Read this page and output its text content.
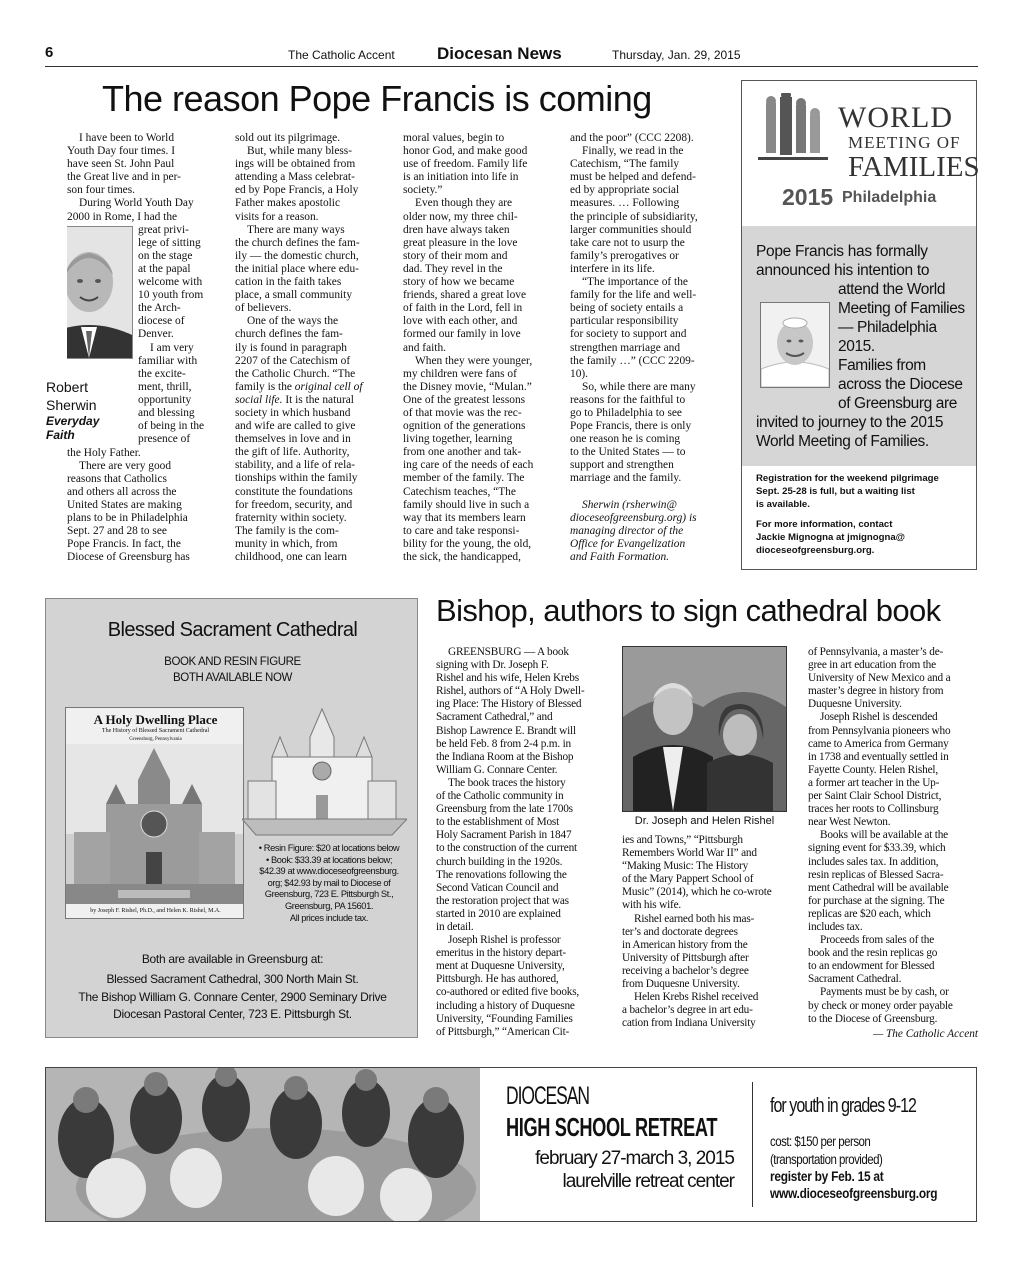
6	The Catholic Accent Diocesan News	Thursday, Jan. 29, 2015
The reason Pope Francis is coming
I have been to World
Youth Day four times. I
have seen St. John Paul
the Great live and in per-
son four times.
During World Youth Day
2000 in Rome, I had the
great privi-
lege of sitting
on the stage
at the papal
welcome with
10 youth from
the Arch-
diocese of
Denver.
I am very
familiar with
the excite-
ment, thrill,
opportunity
and blessing
of being in the
presence of
the Holy Father.
There are very good
reasons that Catholics
and others all across the
United States are making
plans to be in Philadelphia
Sept. 27 and 28 to see
Pope Francis. In fact, the
Diocese of Greensburg has
Robert
Sherwin
Everyday
Faith
sold out its pilgrimage.
But, while many bless-
ings will be obtained from
attending a Mass celebrat-
ed by Pope Francis, a Holy
Father makes apostolic
visits for a reason.
There are many ways
the church defines the fam-
ily — the domestic church,
the initial place where edu-
cation in the faith takes
place, a small community
of believers.
One of the ways the
church defines the fam-
ily is found in paragraph
2207 of the Catechism of
the Catholic Church. “The
family is the original cell of
social life. It is the natural
society in which husband
and wife are called to give
themselves in love and in
the gift of life. Authority,
stability, and a life of rela-
tionships within the family
constitute the foundations
for freedom, security, and
fraternity within society.
The family is the com-
munity in which, from
childhood, one can learn
moral values, begin to
honor God, and make good
use of freedom. Family life
is an initiation into life in
society.”
Even though they are
older now, my three chil-
dren have always taken
great pleasure in the love
story of their mom and
dad. They revel in the
story of how we became
friends, shared a great love
of faith in the Lord, fell in
love with each other, and
formed our family in love
and faith.
When they were younger,
my children were fans of
the Disney movie, “Mulan.”
One of the greatest lessons
of that movie was the rec-
ognition of the generations
living together, learning
from one another and tak-
ing care of the needs of each
member of the family. The
Catechism teaches, “The
family should live in such a
way that its members learn
to care and take responsi-
bility for the young, the old,
the sick, the handicapped,
and the poor” (CCC 2208).
Finally, we read in the
Catechism, “The family
must be helped and defend-
ed by appropriate social
measures. … Following
the principle of subsidiarity,
larger communities should
take care not to usurp the
family’s prerogatives or
interfere in its life.
“The importance of the
family for the life and well-
being of society entails a
particular responsibility
for society to support and
strengthen marriage and
the family …” (CCC 2209-
10).
So, while there are many
reasons for the faithful to
go to Philadelphia to see
Pope Francis, there is only
one reason he is coming
to the United States — to
support and strengthen
marriage and the family.
Sherwin (rsherwin@
dioceseofgreensburg.org) is
managing director of the
Office for Evangelization
and Faith Formation.
WORLD
MEETING OF
FAMILIES
2015 Philadelphia
Pope Francis has formally
announced his intention to
attend the World
Meeting of Families
— Philadelphia
2015.
Families from
across the Diocese
of Greensburg are
invited to journey to the 2015
World Meeting of Families.
Registration for the weekend pilgrimage
Sept. 25-28 is full, but a waiting list
is available.
For more information, contact
Jackie Mignogna at jmignogna@
dioceseofgreensburg.org.
Blessed Sacrament Cathedral
BOOK AND RESIN FIGURE
BOTH AVAILABLE NOW
A Holy Dwelling Place
The History of Blessed Sacrament Cathedral
Greensburg, Pennsylvania
by Joseph F. Rishel, Ph.D., and Helen K. Rishel, M.A.
• Resin Figure: $20 at locations below
• Book: $33.39 at locations below;
$42.39 at www.dioceseofgreensburg.
org; $42.93 by mail to Diocese of
Greensburg, 723 E. Pittsburgh St.,
Greensburg, PA 15601.
All prices include tax.
Both are available in Greensburg at:
Blessed Sacrament Cathedral, 300 North Main St.
The Bishop William G. Connare Center, 2900 Seminary Drive
Diocesan Pastoral Center, 723 E. Pittsburgh St.
Bishop, authors to sign cathedral book
GREENSBURG — A book
signing with Dr. Joseph F.
Rishel and his wife, Helen Krebs
Rishel, authors of “A Holy Dwell-
ing Place: The History of Blessed
Sacrament Cathedral,” and
Bishop Lawrence E. Brandt will
be held Feb. 8 from 2-4 p.m. in
the Indiana Room at the Bishop
William G. Connare Center.
The book traces the history
of the Catholic community in
Greensburg from the late 1700s
to the establishment of Most
Holy Sacrament Parish in 1847
to the construction of the current
church building in the 1920s.
The renovations following the
Second Vatican Council and
the restoration project that was
started in 2010 are explained
in detail.
Joseph Rishel is professor
emeritus in the history depart-
ment at Duquesne University,
Pittsburgh. He has authored,
co-authored or edited five books,
including a history of Duquesne
University, “Founding Families
of Pittsburgh,” “American Cit-
Dr. Joseph and Helen Rishel
ies and Towns,” “Pittsburgh
Remembers World War II” and
“Making Music: The History
of the Mary Pappert School of
Music” (2014), which he co-wrote
with his wife.
Rishel earned both his mas-
ter’s and doctorate degrees
in American history from the
University of Pittsburgh after
receiving a bachelor’s degree
from Duquesne University.
Helen Krebs Rishel received
a bachelor’s degree in art edu-
cation from Indiana University
of Pennsylvania, a master’s de-
gree in art education from the
University of New Mexico and a
master’s degree in history from
Duquesne University.
Joseph Rishel is descended
from Pennsylvania pioneers who
came to America from Germany
in 1738 and eventually settled in
Fayette County. Helen Rishel,
a former art teacher in the Up-
per Saint Clair School District,
traces her roots to Collinsburg
near West Newton.
Books will be available at the
signing event for $33.39, which
includes sales tax. In addition,
resin replicas of Blessed Sacra-
ment Cathedral will be available
for purchase at the signing. The
replicas are $20 each, which
includes tax.
Proceeds from sales of the
book and the resin replicas go
to an endowment for Blessed
Sacrament Cathedral.
Payments must be by cash, or
by check or money order payable
to the Diocese of Greensburg.
— The Catholic Accent
DIOCESAN
HIGH SCHOOL RETREAT
february 27-march 3, 2015
laurelville retreat center
for youth in grades 9-12
cost: $150 per person
(transportation provided)
register by Feb. 15 at
www.dioceseofgreensburg.org
